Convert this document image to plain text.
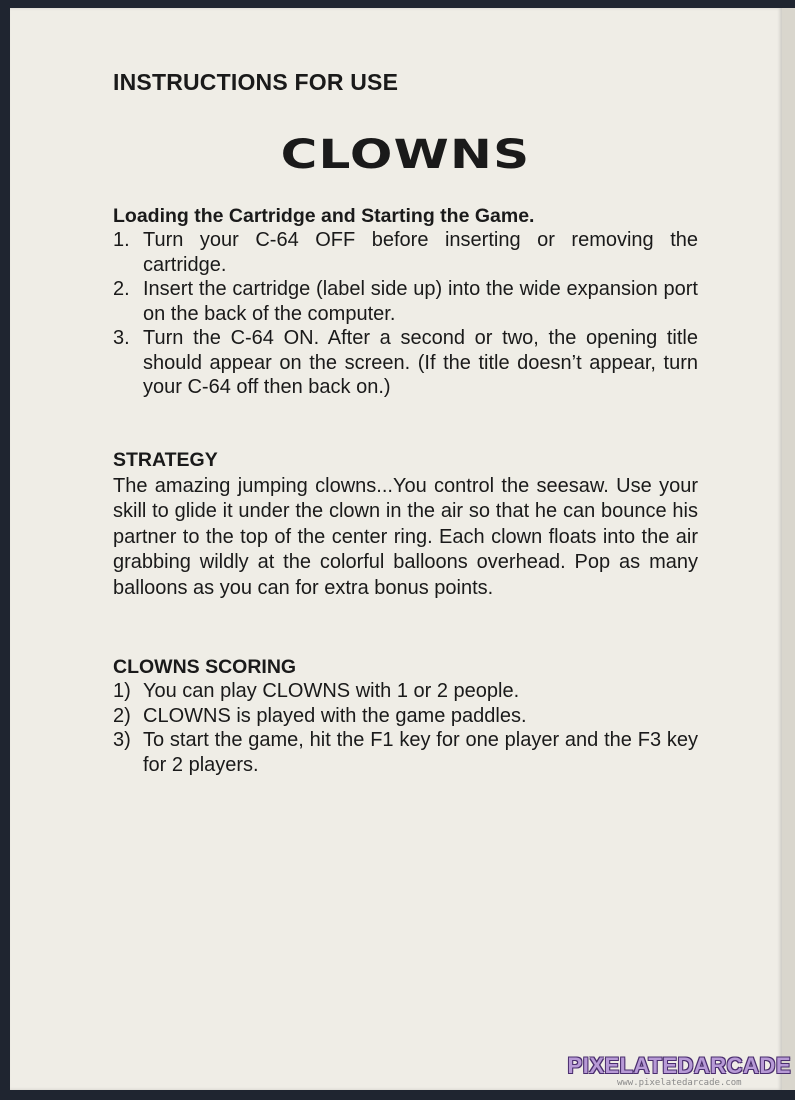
INSTRUCTIONS FOR USE
CLOWNS
Loading the Cartridge and Starting the Game.
1. Turn your C-64 OFF before inserting or removing the cartridge.
2. Insert the cartridge (label side up) into the wide expansion port on the back of the computer.
3. Turn the C-64 ON. After a second or two, the opening title should appear on the screen. (If the title doesn’t appear, turn your C-64 off then back on.)
STRATEGY

The amazing jumping clowns...You control the seesaw. Use your skill to glide it under the clown in the air so that he can bounce his partner to the top of the center ring. Each clown floats into the air grabbing wildly at the colorful balloons overhead. Pop as many balloons as you can for extra bonus points.

CLOWNS SCORING
1) You can play CLOWNS with 1 or 2 people.
2) CLOWNS is played with the game paddles.
3) To start the game, hit the F1 key for one player and the F3 key for 2 players.
PIXELATEDARCADE
www.pixelatedarcade.com
